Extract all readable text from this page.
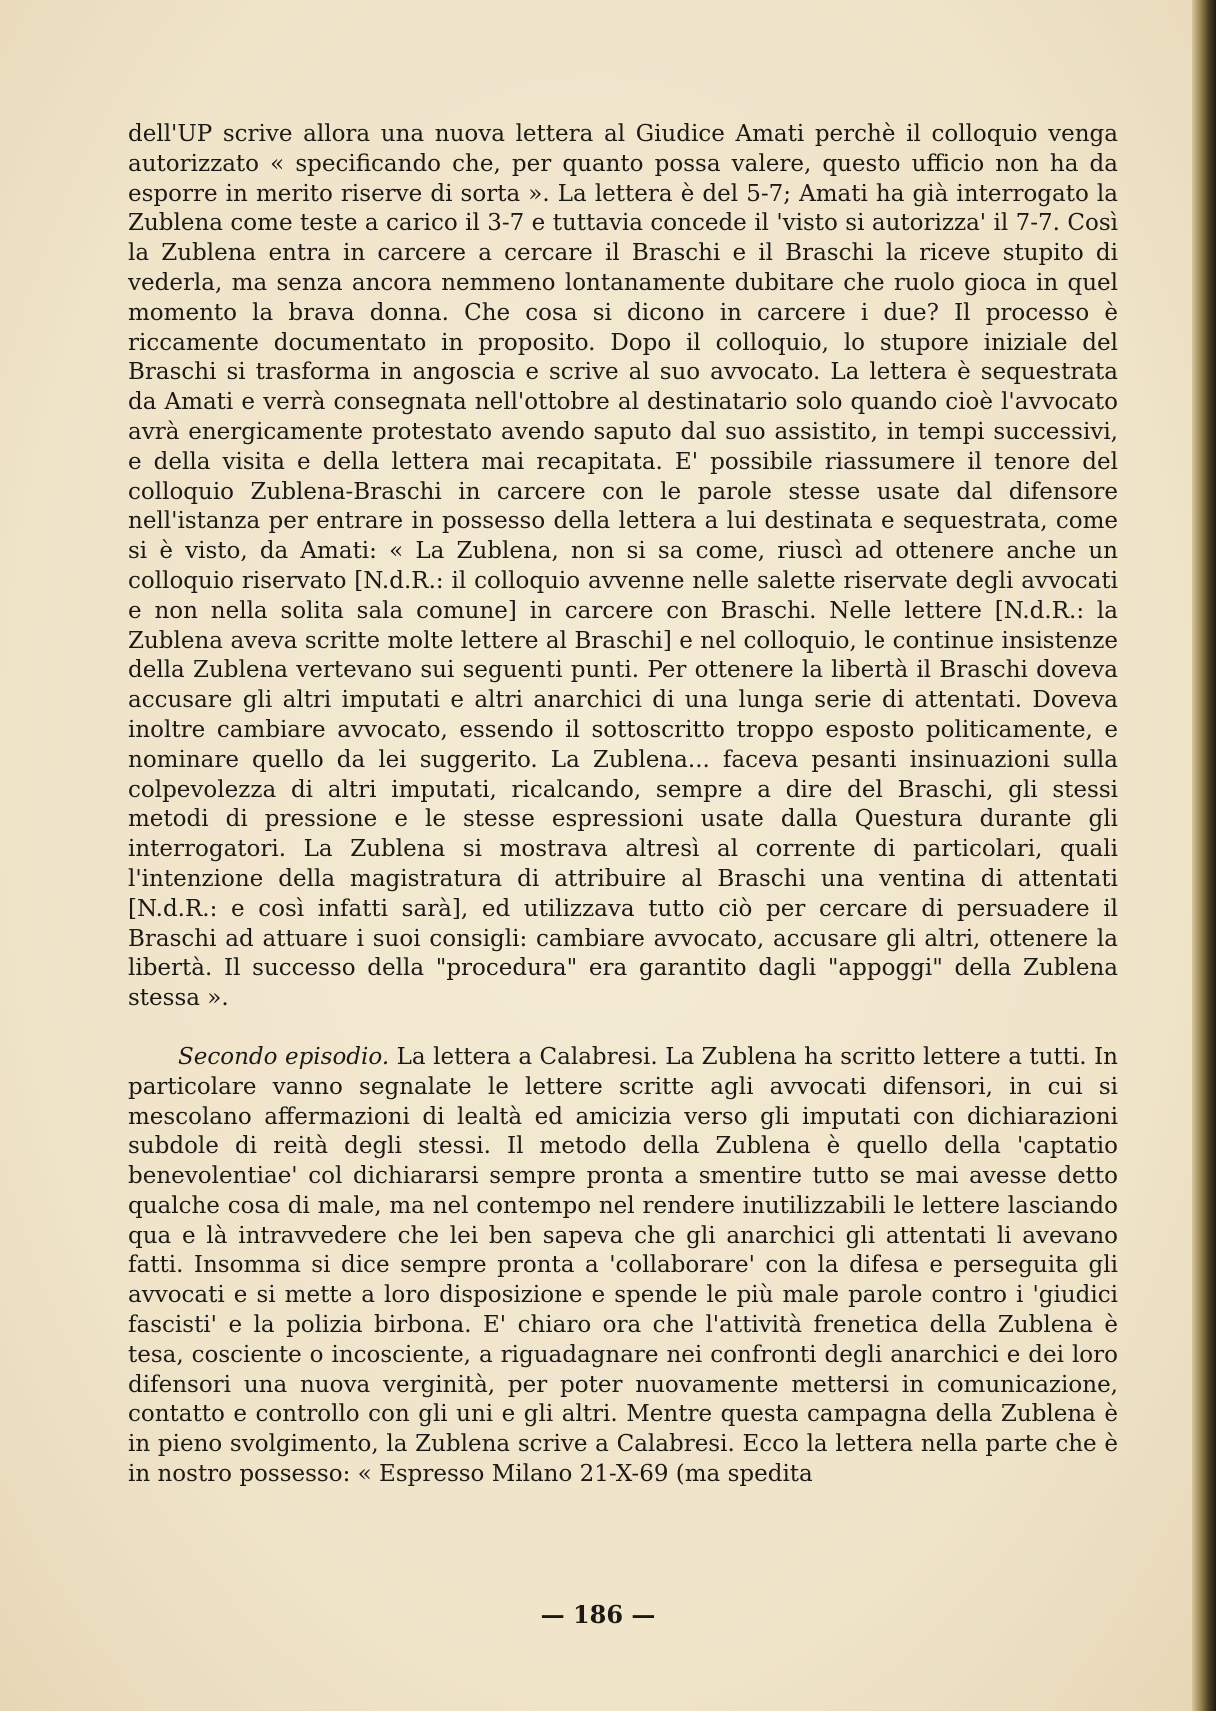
dell'UP scrive allora una nuova lettera al Giudice Amati perchè il colloquio venga autorizzato « specificando che, per quanto possa valere, questo ufficio non ha da esporre in merito riserve di sorta ». La lettera è del 5-7; Amati ha già interrogato la Zublena come teste a carico il 3-7 e tuttavia concede il 'visto si autorizza' il 7-7. Così la Zublena entra in carcere a cercare il Braschi e il Braschi la riceve stupito di vederla, ma senza ancora nemmeno lontanamente dubitare che ruolo gioca in quel momento la brava donna. Che cosa si dicono in carcere i due? Il processo è riccamente documentato in proposito. Dopo il colloquio, lo stupore iniziale del Braschi si trasforma in angoscia e scrive al suo avvocato. La lettera è sequestrata da Amati e verrà consegnata nell'ottobre al destinatario solo quando cioè l'avvocato avrà energicamente protestato avendo saputo dal suo assistito, in tempi successivi, e della visita e della lettera mai recapitata. E' possibile riassumere il tenore del colloquio Zublena-Braschi in carcere con le parole stesse usate dal difensore nell'istanza per entrare in possesso della lettera a lui destinata e sequestrata, come si è visto, da Amati: « La Zublena, non si sa come, riuscì ad ottenere anche un colloquio riservato [N.d.R.: il colloquio avvenne nelle salette riservate degli avvocati e non nella solita sala comune] in carcere con Braschi. Nelle lettere [N.d.R.: la Zublena aveva scritte molte lettere al Braschi] e nel colloquio, le continue insistenze della Zublena vertevano sui seguenti punti. Per ottenere la libertà il Braschi doveva accusare gli altri imputati e altri anarchici di una lunga serie di attentati. Doveva inoltre cambiare avvocato, essendo il sottoscritto troppo esposto politicamente, e nominare quello da lei suggerito. La Zublena... faceva pesanti insinuazioni sulla colpevolezza di altri imputati, ricalcando, sempre a dire del Braschi, gli stessi metodi di pressione e le stesse espressioni usate dalla Questura durante gli interrogatori. La Zublena si mostrava altresì al corrente di particolari, quali l'intenzione della magistratura di attribuire al Braschi una ventina di attentati [N.d.R.: e così infatti sarà], ed utilizzava tutto ciò per cercare di persuadere il Braschi ad attuare i suoi consigli: cambiare avvocato, accusare gli altri, ottenere la libertà. Il successo della "procedura" era garantito dagli "appoggi" della Zublena stessa ».

Secondo episodio. La lettera a Calabresi. La Zublena ha scritto lettere a tutti. In particolare vanno segnalate le lettere scritte agli avvocati difensori, in cui si mescolano affermazioni di lealtà ed amicizia verso gli imputati con dichiarazioni subdole di reità degli stessi. Il metodo della Zublena è quello della 'captatio benevolentiae' col dichiararsi sempre pronta a smentire tutto se mai avesse detto qualche cosa di male, ma nel contempo nel rendere inutilizzabili le lettere lasciando qua e là intravvedere che lei ben sapeva che gli anarchici gli attentati li avevano fatti. Insomma si dice sempre pronta a 'collaborare' con la difesa e perseguita gli avvocati e si mette a loro disposizione e spende le più male parole contro i 'giudici fascisti' e la polizia birbona. E' chiaro ora che l'attività frenetica della Zublena è tesa, cosciente o incosciente, a riguadagnare nei confronti degli anarchici e dei loro difensori una nuova verginità, per poter nuovamente mettersi in comunicazione, contatto e controllo con gli uni e gli altri. Mentre questa campagna della Zublena è in pieno svolgimento, la Zublena scrive a Calabresi. Ecco la lettera nella parte che è in nostro possesso: « Espresso Milano 21-X-69 (ma spedita

— 186 —
